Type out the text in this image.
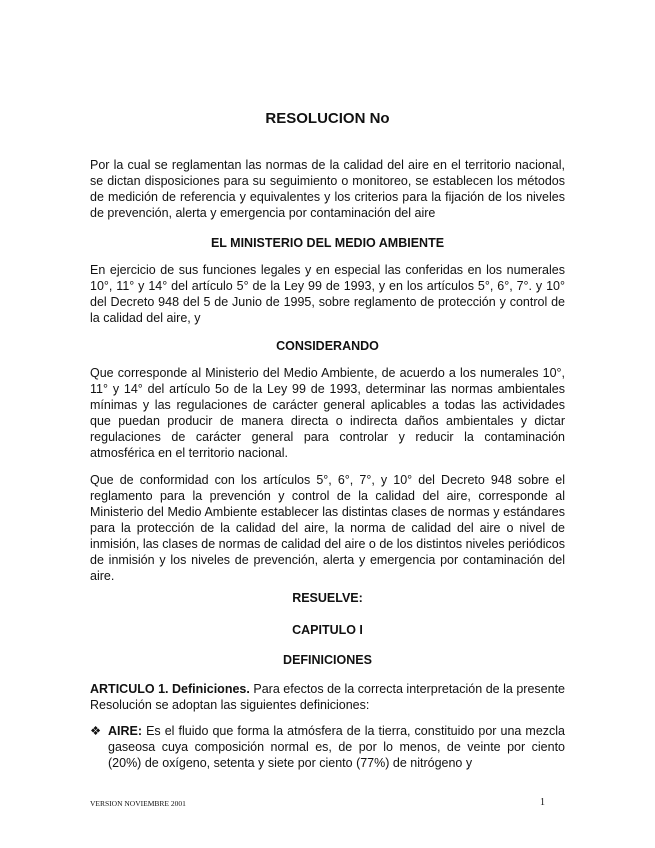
RESOLUCION No

Por la cual se reglamentan las normas de la calidad del aire en el territorio nacional, se dictan disposiciones para su seguimiento o monitoreo, se establecen los métodos de medición de referencia y equivalentes y los criterios para la fijación de los niveles de prevención, alerta y emergencia por contaminación del aire

EL MINISTERIO DEL MEDIO AMBIENTE

En ejercicio de sus funciones legales y en especial las conferidas en los numerales 10°, 11° y 14° del artículo 5° de la Ley 99 de 1993, y en los artículos 5°, 6°, 7°. y 10° del Decreto 948 del 5 de Junio de 1995, sobre reglamento de protección y control de la calidad del aire, y

CONSIDERANDO

Que corresponde al Ministerio del Medio Ambiente, de acuerdo a los numerales 10°, 11° y 14° del artículo 5o de la Ley 99 de 1993, determinar las normas ambientales mínimas y las regulaciones de carácter general aplicables a todas las actividades que puedan producir de manera directa o indirecta daños ambientales y dictar regulaciones de carácter general para controlar y reducir la contaminación atmosférica en el territorio nacional.

Que de conformidad con los artículos 5°, 6°, 7°, y 10° del Decreto 948 sobre el reglamento para la prevención y control de la calidad del aire, corresponde al Ministerio del Medio Ambiente establecer las distintas clases de normas y estándares para la protección de la calidad del aire, la norma de calidad del aire o nivel de inmisión, las clases de normas de calidad del aire o de los distintos niveles periódicos de inmisión y los niveles de prevención, alerta y emergencia por contaminación del aire.

RESUELVE:
CAPITULO I
DEFINICIONES

ARTICULO 1. Definiciones. Para efectos de la correcta interpretación de la presente Resolución se adoptan las siguientes definiciones:

❖ AIRE: Es el fluido que forma la atmósfera de la tierra, constituido por una mezcla gaseosa cuya composición normal es, de por lo menos, de veinte por ciento (20%) de oxígeno, setenta y siete por ciento (77%) de nitrógeno y
VERSION NOVIEMBRE 2001	1
